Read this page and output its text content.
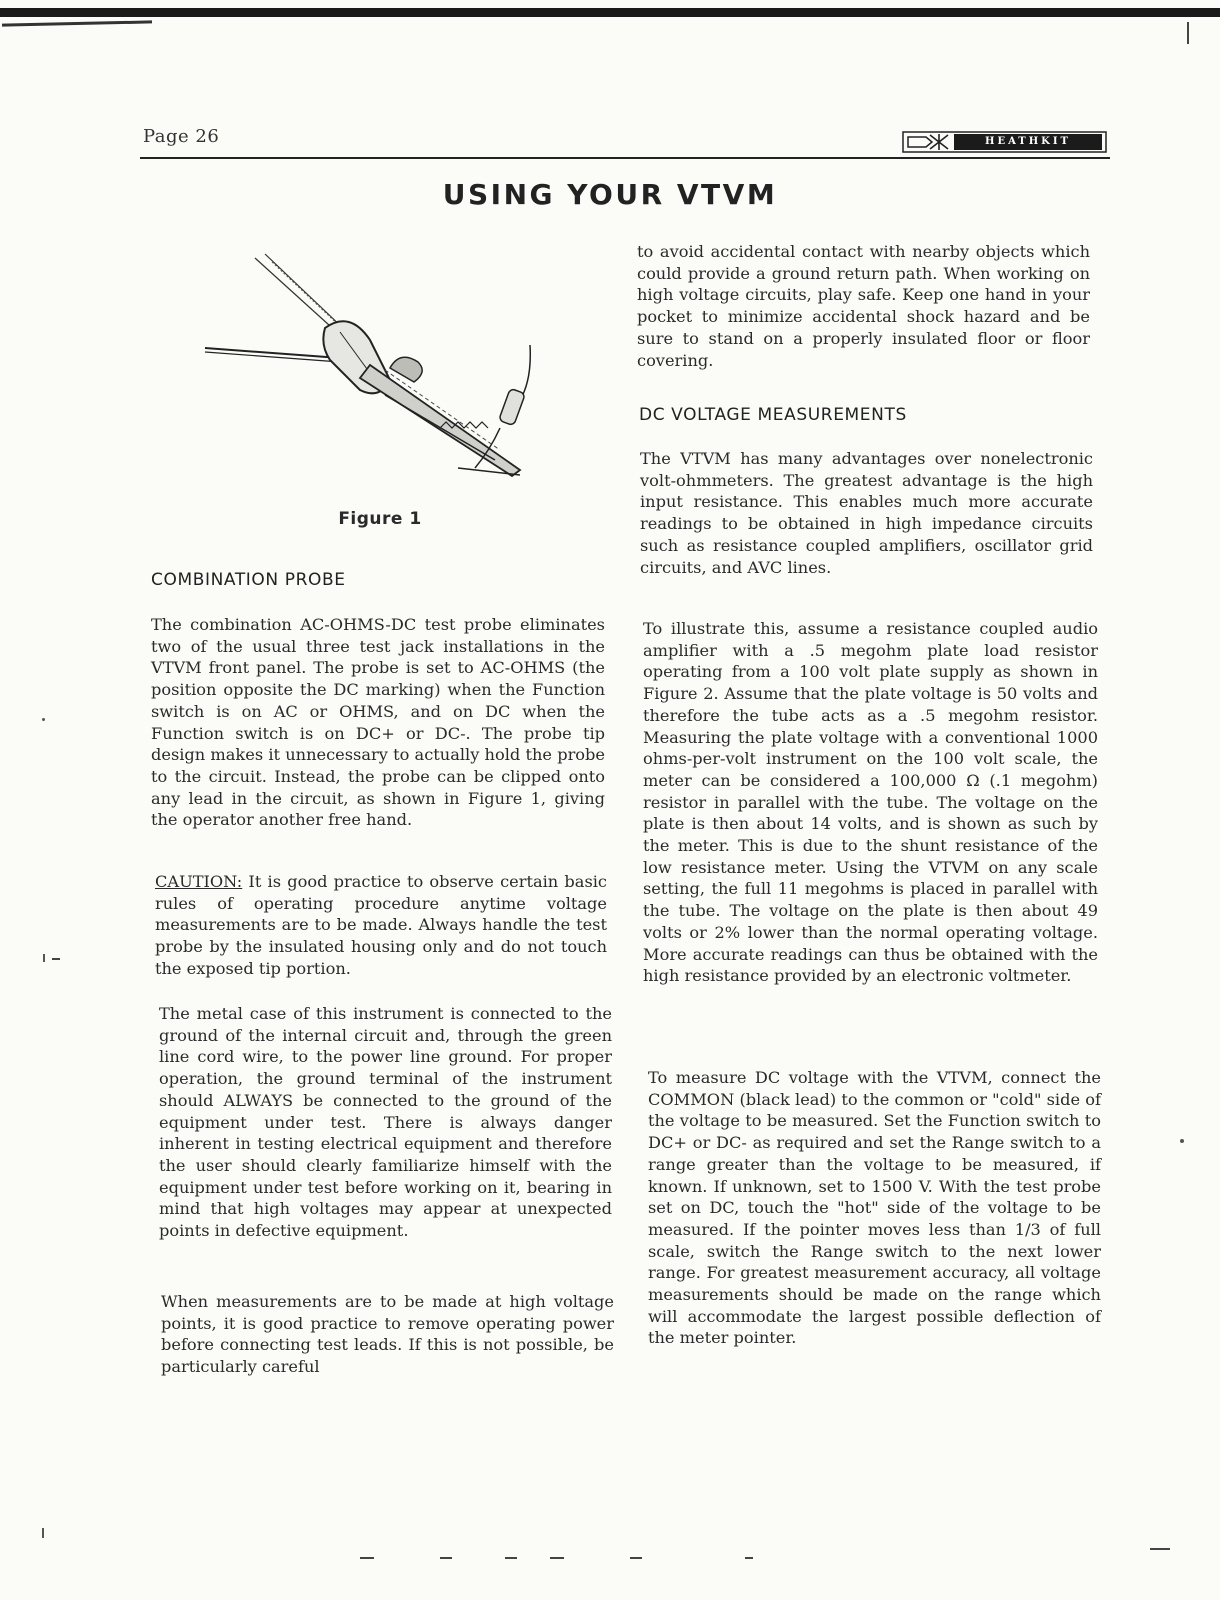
Page 26	HEATHKIT
USING YOUR VTVM
Figure 1
COMBINATION PROBE

The combination AC-OHMS-DC test probe eliminates two of the usual three test jack installations in the VTVM front panel. The probe is set to AC-OHMS (the position opposite the DC marking) when the Function switch is on AC or OHMS, and on DC when the Function switch is on DC+ or DC-. The probe tip design makes it unnecessary to actually hold the probe to the circuit. Instead, the probe can be clipped onto any lead in the circuit, as shown in Figure 1, giving the operator another free hand.

CAUTION: It is good practice to observe certain basic rules of operating procedure anytime voltage measurements are to be made. Always handle the test probe by the insulated housing only and do not touch the exposed tip portion.

The metal case of this instrument is connected to the ground of the internal circuit and, through the green line cord wire, to the power line ground. For proper operation, the ground terminal of the instrument should ALWAYS be connected to the ground of the equipment under test. There is always danger inherent in testing electrical equipment and therefore the user should clearly familiarize himself with the equipment under test before working on it, bearing in mind that high voltages may appear at unexpected points in defective equipment.

When measurements are to be made at high voltage points, it is good practice to remove operating power before connecting test leads. If this is not possible, be particularly careful

to avoid accidental contact with nearby objects which could provide a ground return path. When working on high voltage circuits, play safe. Keep one hand in your pocket to minimize accidental shock hazard and be sure to stand on a properly insulated floor or floor covering.

DC VOLTAGE MEASUREMENTS

The VTVM has many advantages over nonelectronic volt-ohmmeters. The greatest advantage is the high input resistance. This enables much more accurate readings to be obtained in high impedance circuits such as resistance coupled amplifiers, oscillator grid circuits, and AVC lines.

To illustrate this, assume a resistance coupled audio amplifier with a .5 megohm plate load resistor operating from a 100 volt plate supply as shown in Figure 2. Assume that the plate voltage is 50 volts and therefore the tube acts as a .5 megohm resistor. Measuring the plate voltage with a conventional 1000 ohms-per-volt instrument on the 100 volt scale, the meter can be considered a 100,000 Ω (.1 megohm) resistor in parallel with the tube. The voltage on the plate is then about 14 volts, and is shown as such by the meter. This is due to the shunt resistance of the low resistance meter. Using the VTVM on any scale setting, the full 11 megohms is placed in parallel with the tube. The voltage on the plate is then about 49 volts or 2% lower than the normal operating voltage. More accurate readings can thus be obtained with the high resistance provided by an electronic voltmeter.

To measure DC voltage with the VTVM, connect the COMMON (black lead) to the common or "cold" side of the voltage to be measured. Set the Function switch to DC+ or DC- as required and set the Range switch to a range greater than the voltage to be measured, if known. If unknown, set to 1500 V. With the test probe set on DC, touch the "hot" side of the voltage to be measured. If the pointer moves less than 1/3 of full scale, switch the Range switch to the next lower range. For greatest measurement accuracy, all voltage measurements should be made on the range which will accommodate the largest possible deflection of the meter pointer.
